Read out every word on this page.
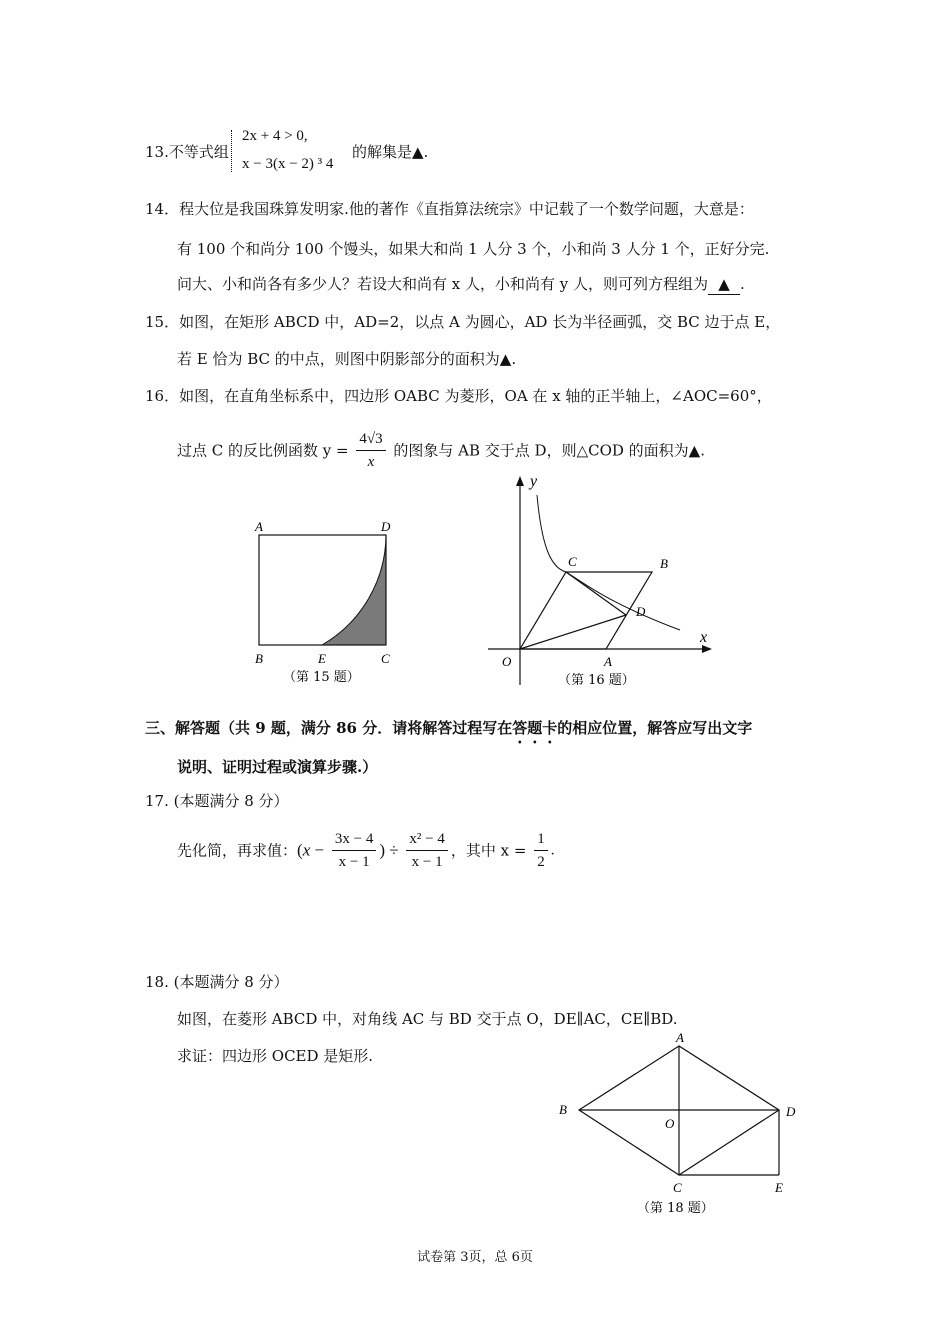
13.不等式组
2x + 4 > 0,
x − 3(x − 2) ³ 4
的解集是▲.
14．程大位是我国珠算发明家.他的著作《直指算法统宗》中记载了一个数学问题，大意是：
有 100 个和尚分 100 个馒头，如果大和尚 1 人分 3 个，小和尚 3 人分 1 个，正好分完.
问大、小和尚各有多少人？若设大和尚有 x 人，小和尚有 y 人，则可列方程组为 ▲ .
15．如图，在矩形 ABCD 中，AD=2，以点 A 为圆心，AD 长为半径画弧，交 BC 边于点 E，
若 E 恰为 BC 的中点，则图中阴影部分的面积为▲.
16．如图，在直角坐标系中，四边形 OABC 为菱形，OA 在 x 轴的正半轴上，∠AOC=60°，
过点 C 的反比例函数 $y = \frac{4√3}{x}$ 的图象与 AB 交于点 D，则△COD 的面积为▲.
A	D
B	E	C
（第 15 题）
y
x
O	A
C	B
D
（第 16 题）
三、解答题（共 9 题，满分 86 分．请将解答过程写在答题卡的相应位置，解答应写出文字
说明、证明过程或演算步骤.）
17. (本题满分 8 分）
先化简，再求值：($x - \frac{3x - 4}{x - 1}$ ) ÷ $\frac{\text{x² − 4}}{x - 1}$ ，其中 $x = \frac{1}{2}$ .
18. (本题满分 8 分）
如图，在菱形 ABCD 中，对角线 AC 与 BD 交于点 O，DE∥AC，CE∥BD.
求证：四边形 OCED 是矩形.
A
B	D
O
C	E
（第 18 题）
试卷第 3页，总 6页
